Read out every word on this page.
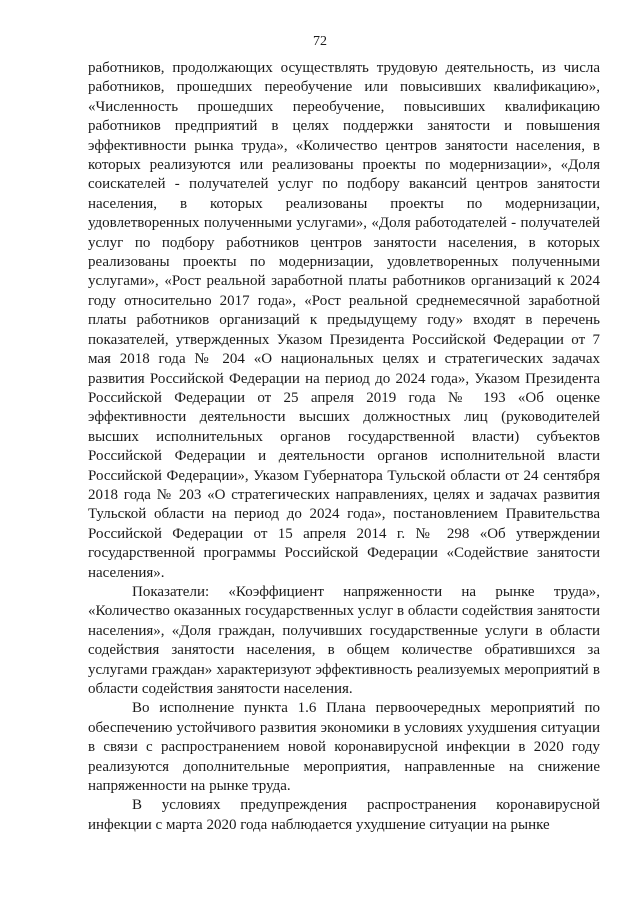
72

работников, продолжающих осуществлять трудовую деятельность, из числа работников, прошедших переобучение или повысивших квалификацию», «Численность прошедших переобучение, повысивших квалификацию работников предприятий в целях поддержки занятости и повышения эффективности рынка труда», «Количество центров занятости населения, в которых реализуются или реализованы проекты по модернизации», «Доля соискателей - получателей услуг по подбору вакансий центров занятости населения, в которых реализованы проекты по модернизации, удовлетворенных полученными услугами», «Доля работодателей - получателей услуг по подбору работников центров занятости населения, в которых реализованы проекты по модернизации, удовлетворенных полученными услугами», «Рост реальной заработной платы работников организаций к 2024 году относительно 2017 года», «Рост реальной среднемесячной заработной платы работников организаций к предыдущему году» входят в перечень показателей, утвержденных Указом Президента Российской Федерации от 7 мая 2018 года № 204 «О национальных целях и стратегических задачах развития Российской Федерации на период до 2024 года», Указом Президента Российской Федерации от 25 апреля 2019 года № 193 «Об оценке эффективности деятельности высших должностных лиц (руководителей высших исполнительных органов государственной власти) субъектов Российской Федерации и деятельности органов исполнительной власти Российской Федерации», Указом Губернатора Тульской области от 24 сентября 2018 года № 203 «О стратегических направлениях, целях и задачах развития Тульской области на период до 2024 года», постановлением Правительства Российской Федерации от 15 апреля 2014 г. № 298 «Об утверждении государственной программы Российской Федерации «Содействие занятости населения».

Показатели: «Коэффициент напряженности на рынке труда», «Количество оказанных государственных услуг в области содействия занятости населения», «Доля граждан, получивших государственные услуги в области содействия занятости населения, в общем количестве обратившихся за услугами граждан» характеризуют эффективность реализуемых мероприятий в области содействия занятости населения.

Во исполнение пункта 1.6 Плана первоочередных мероприятий по обеспечению устойчивого развития экономики в условиях ухудшения ситуации в связи с распространением новой коронавирусной инфекции в 2020 году реализуются дополнительные мероприятия, направленные на снижение напряженности на рынке труда.

В условиях предупреждения распространения коронавирусной инфекции с марта 2020 года наблюдается ухудшение ситуации на рынке
